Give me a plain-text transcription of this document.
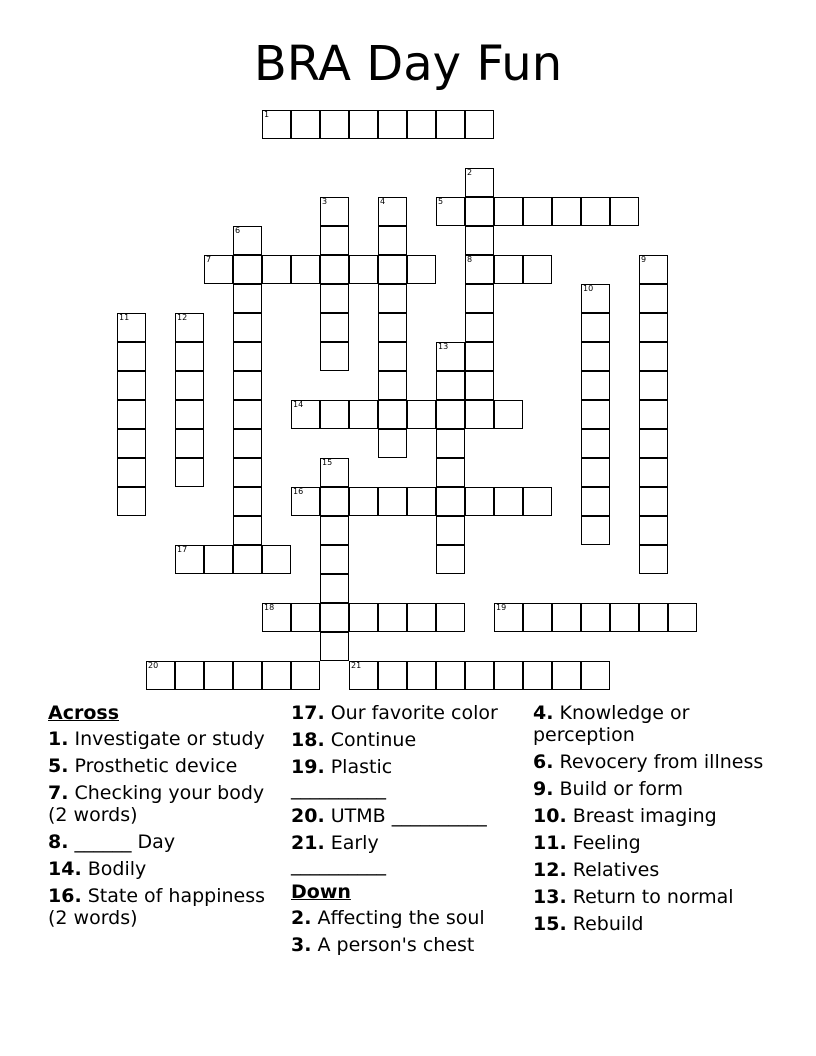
BRA Day Fun
1
2
8
3	4	5
6
7	9
10
11	12
13
14
15
16
17
18	19
20	21
Across
1. Investigate or study
5. Prosthetic device
7. Checking your body (2 words)
8. ______ Day
14. Bodily
16. State of happiness (2 words)
17. Our favorite color
18. Continue
19. Plastic __________
20. UTMB __________
21. Early __________
Down
2. Affecting the soul
3. A person's chest
4. Knowledge or perception
6. Revocery from illness
9. Build or form
10. Breast imaging
11. Feeling
12. Relatives
13. Return to normal
15. Rebuild
